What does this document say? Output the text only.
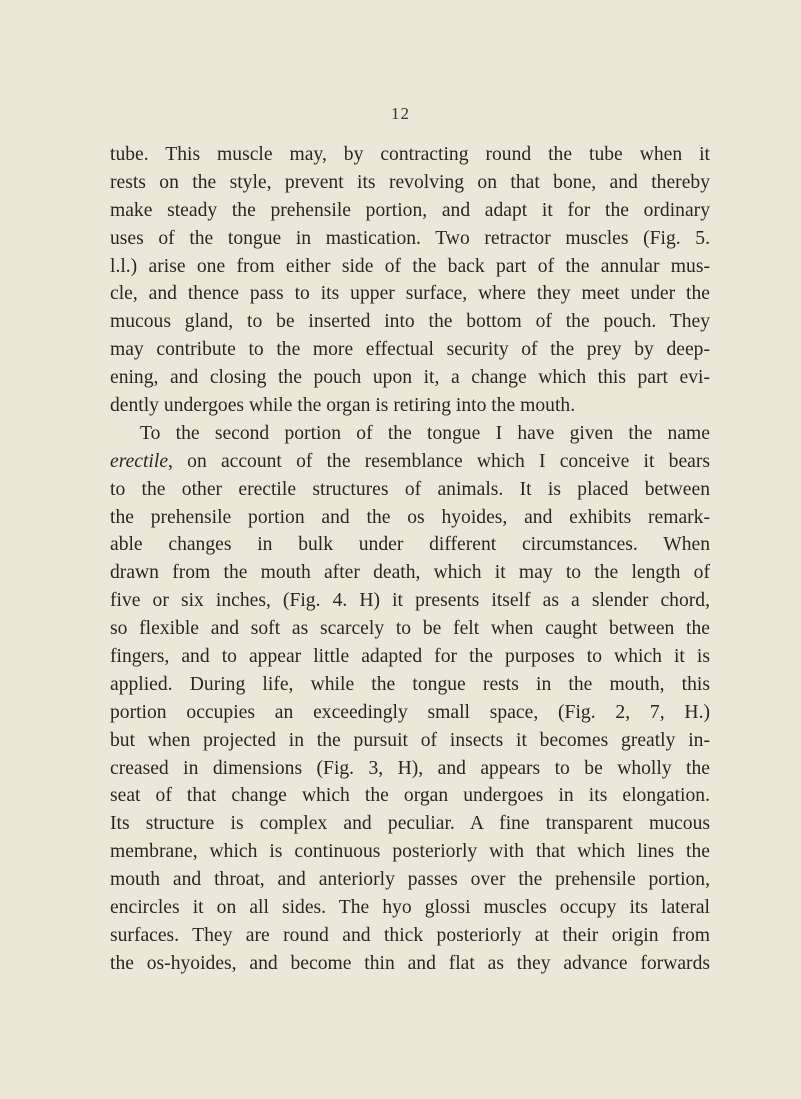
12
tube. This muscle may, by contracting round the tube when it
rests on the style, prevent its revolving on that bone, and thereby
make steady the prehensile portion, and adapt it for the ordinary
uses of the tongue in mastication. Two retractor muscles (Fig. 5.
l.l.) arise one from either side of the back part of the annular mus-
cle, and thence pass to its upper surface, where they meet under the
mucous gland, to be inserted into the bottom of the pouch. They
may contribute to the more effectual security of the prey by deep-
ening, and closing the pouch upon it, a change which this part evi-
dently undergoes while the organ is retiring into the mouth.
To the second portion of the tongue I have given the name
erectile, on account of the resemblance which I conceive it bears
to the other erectile structures of animals. It is placed between
the prehensile portion and the os hyoides, and exhibits remark-
able changes in bulk under different circumstances. When
drawn from the mouth after death, which it may to the length of
five or six inches, (Fig. 4. H) it presents itself as a slender chord,
so flexible and soft as scarcely to be felt when caught between the
fingers, and to appear little adapted for the purposes to which it is
applied. During life, while the tongue rests in the mouth, this
portion occupies an exceedingly small space, (Fig. 2, 7, H.)
but when projected in the pursuit of insects it becomes greatly in-
creased in dimensions (Fig. 3, H), and appears to be wholly the
seat of that change which the organ undergoes in its elongation.
Its structure is complex and peculiar. A fine transparent mucous
membrane, which is continuous posteriorly with that which lines the
mouth and throat, and anteriorly passes over the prehensile portion,
encircles it on all sides. The hyo glossi muscles occupy its lateral
surfaces. They are round and thick posteriorly at their origin from
the os-hyoides, and become thin and flat as they advance forwards
